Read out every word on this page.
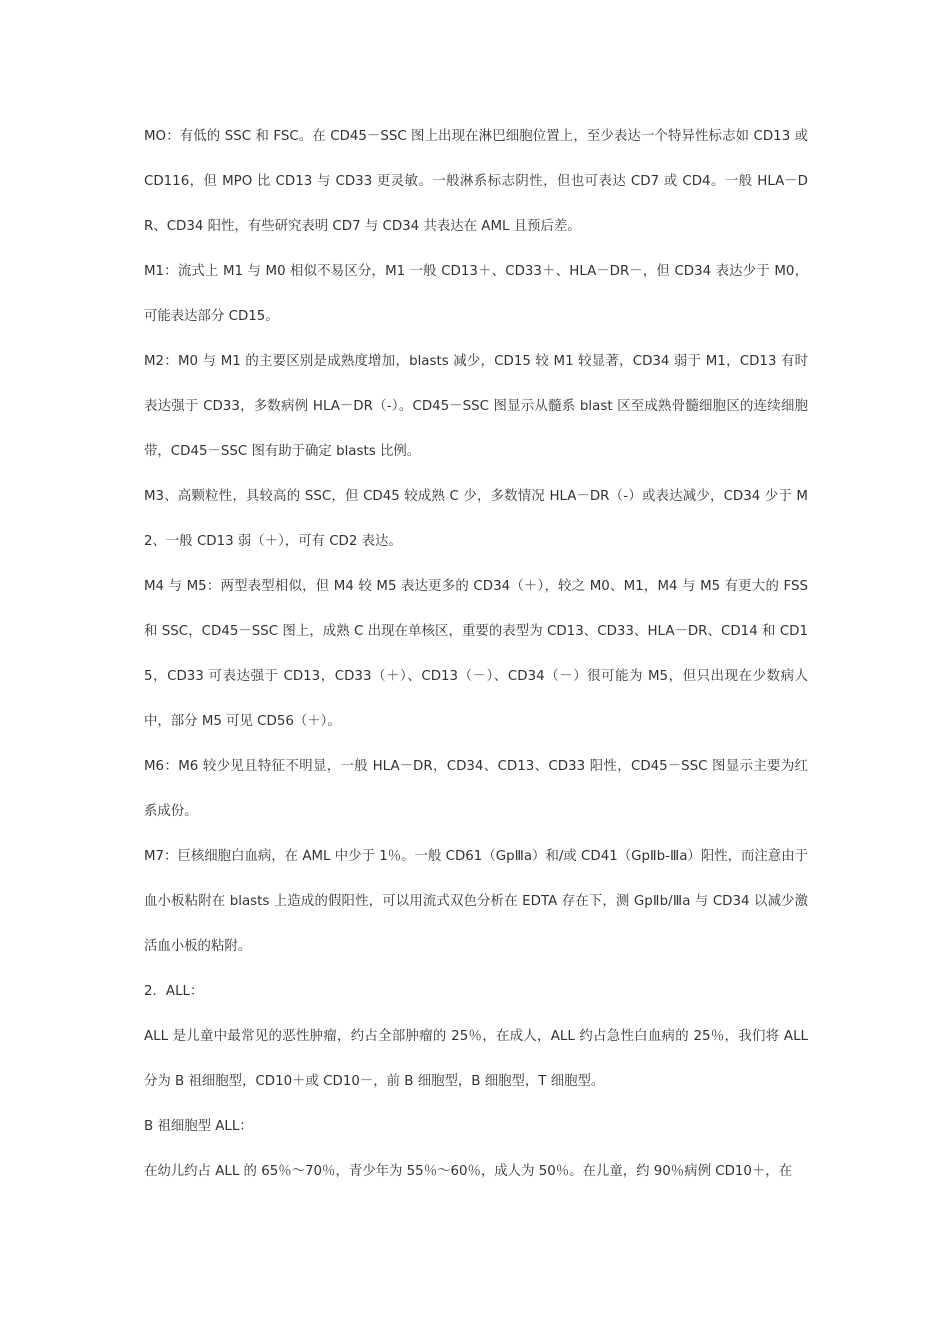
MO：有低的 SSC 和 FSC。在 CD45－SSC 图上出现在淋巴细胞位置上，至少表达一个特异性标志如 CD13 或 CD116，但 MPO 比 CD13 与 CD33 更灵敏。一般淋系标志阴性，但也可表达 CD7 或 CD4。一般 HLA－DR、CD34 阳性，有些研究表明 CD7 与 CD34 共表达在 AML 且预后差。

M1：流式上 M1 与 M0 相似不易区分，M1 一般 CD13＋、CD33＋、HLA－DR－，但 CD34 表达少于 M0，可能表达部分 CD15。

M2：M0 与 M1 的主要区别是成熟度增加，blasts 减少，CD15 较 M1 较显著，CD34 弱于 M1，CD13 有时表达强于 CD33，多数病例 HLA－DR（-）。CD45－SSC 图显示从髓系 blast 区至成熟骨髓细胞区的连续细胞带，CD45－SSC 图有助于确定 blasts 比例。

M3、高颗粒性，具较高的 SSC，但 CD45 较成熟 C 少，多数情况 HLA－DR（-）或表达减少，CD34 少于 M2、一般 CD13 弱（＋），可有 CD2 表达。

M4 与 M5：两型表型相似，但 M4 较 M5 表达更多的 CD34（＋），较之 M0、M1，M4 与 M5 有更大的 FSS 和 SSC，CD45－SSC 图上，成熟 C 出现在单核区，重要的表型为 CD13、CD33、HLA－DR、CD14 和 CD15，CD33 可表达强于 CD13，CD33（＋）、CD13（－）、CD34（－）很可能为 M5，但只出现在少数病人中，部分 M5 可见 CD56（＋）。

M6：M6 较少见且特征不明显，一般 HLA－DR，CD34、CD13、CD33 阳性，CD45－SSC 图显示主要为红系成份。

M7：巨核细胞白血病，在 AML 中少于 1％。一般 CD61（GpⅢa）和/或 CD41（GpⅡb-Ⅲa）阳性，而注意由于血小板粘附在 blasts 上造成的假阳性，可以用流式双色分析在 EDTA 存在下，测 GpⅡb/Ⅲa 与 CD34 以减少激活血小板的粘附。

2．ALL：

ALL 是儿童中最常见的恶性肿瘤，约占全部肿瘤的 25％，在成人，ALL 约占急性白血病的 25％，我们将 ALL 分为 B 祖细胞型，CD10＋或 CD10－，前 B 细胞型，B 细胞型，T 细胞型。

B 祖细胞型 ALL：

在幼儿约占 ALL 的 65％～70％，青少年为 55％～60％，成人为 50％。在儿童，约 90％病例 CD10＋，在
